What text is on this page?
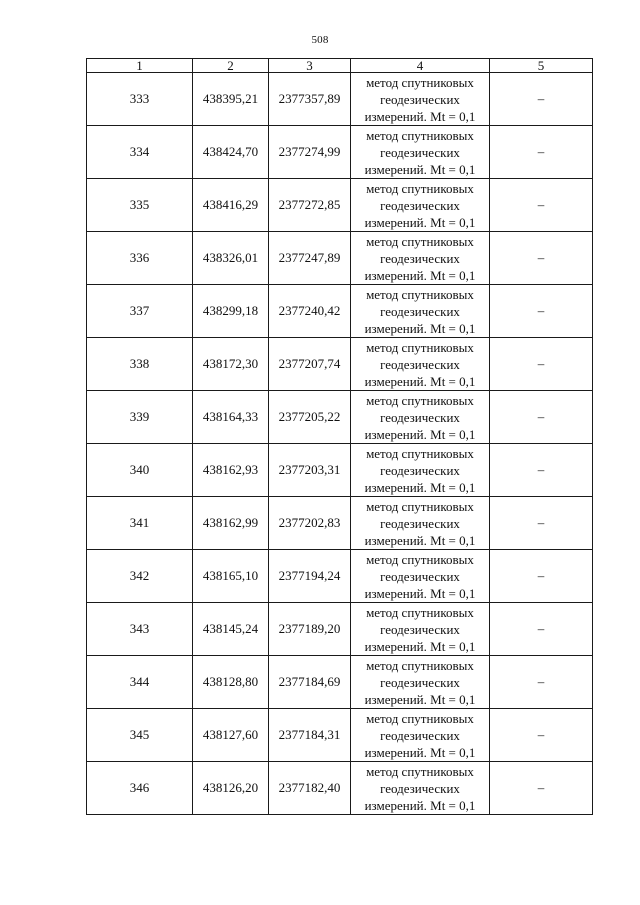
508
1	2	3	4	5
333	438395,21	2377357,89	метод спутниковых
геодезических
измерений. Mt = 0,1	–
334	438424,70	2377274,99	метод спутниковых
геодезических
измерений. Mt = 0,1	–
335	438416,29	2377272,85	метод спутниковых
геодезических
измерений. Mt = 0,1	–
336	438326,01	2377247,89	метод спутниковых
геодезических
измерений. Mt = 0,1	–
337	438299,18	2377240,42	метод спутниковых
геодезических
измерений. Mt = 0,1	–
338	438172,30	2377207,74	метод спутниковых
геодезических
измерений. Mt = 0,1	–
339	438164,33	2377205,22	метод спутниковых
геодезических
измерений. Mt = 0,1	–
340	438162,93	2377203,31	метод спутниковых
геодезических
измерений. Mt = 0,1	–
341	438162,99	2377202,83	метод спутниковых
геодезических
измерений. Mt = 0,1	–
342	438165,10	2377194,24	метод спутниковых
геодезических
измерений. Mt = 0,1	–
343	438145,24	2377189,20	метод спутниковых
геодезических
измерений. Mt = 0,1	–
344	438128,80	2377184,69	метод спутниковых
геодезических
измерений. Mt = 0,1	–
345	438127,60	2377184,31	метод спутниковых
геодезических
измерений. Mt = 0,1	–
346	438126,20	2377182,40	метод спутниковых
геодезических
измерений. Mt = 0,1	–
